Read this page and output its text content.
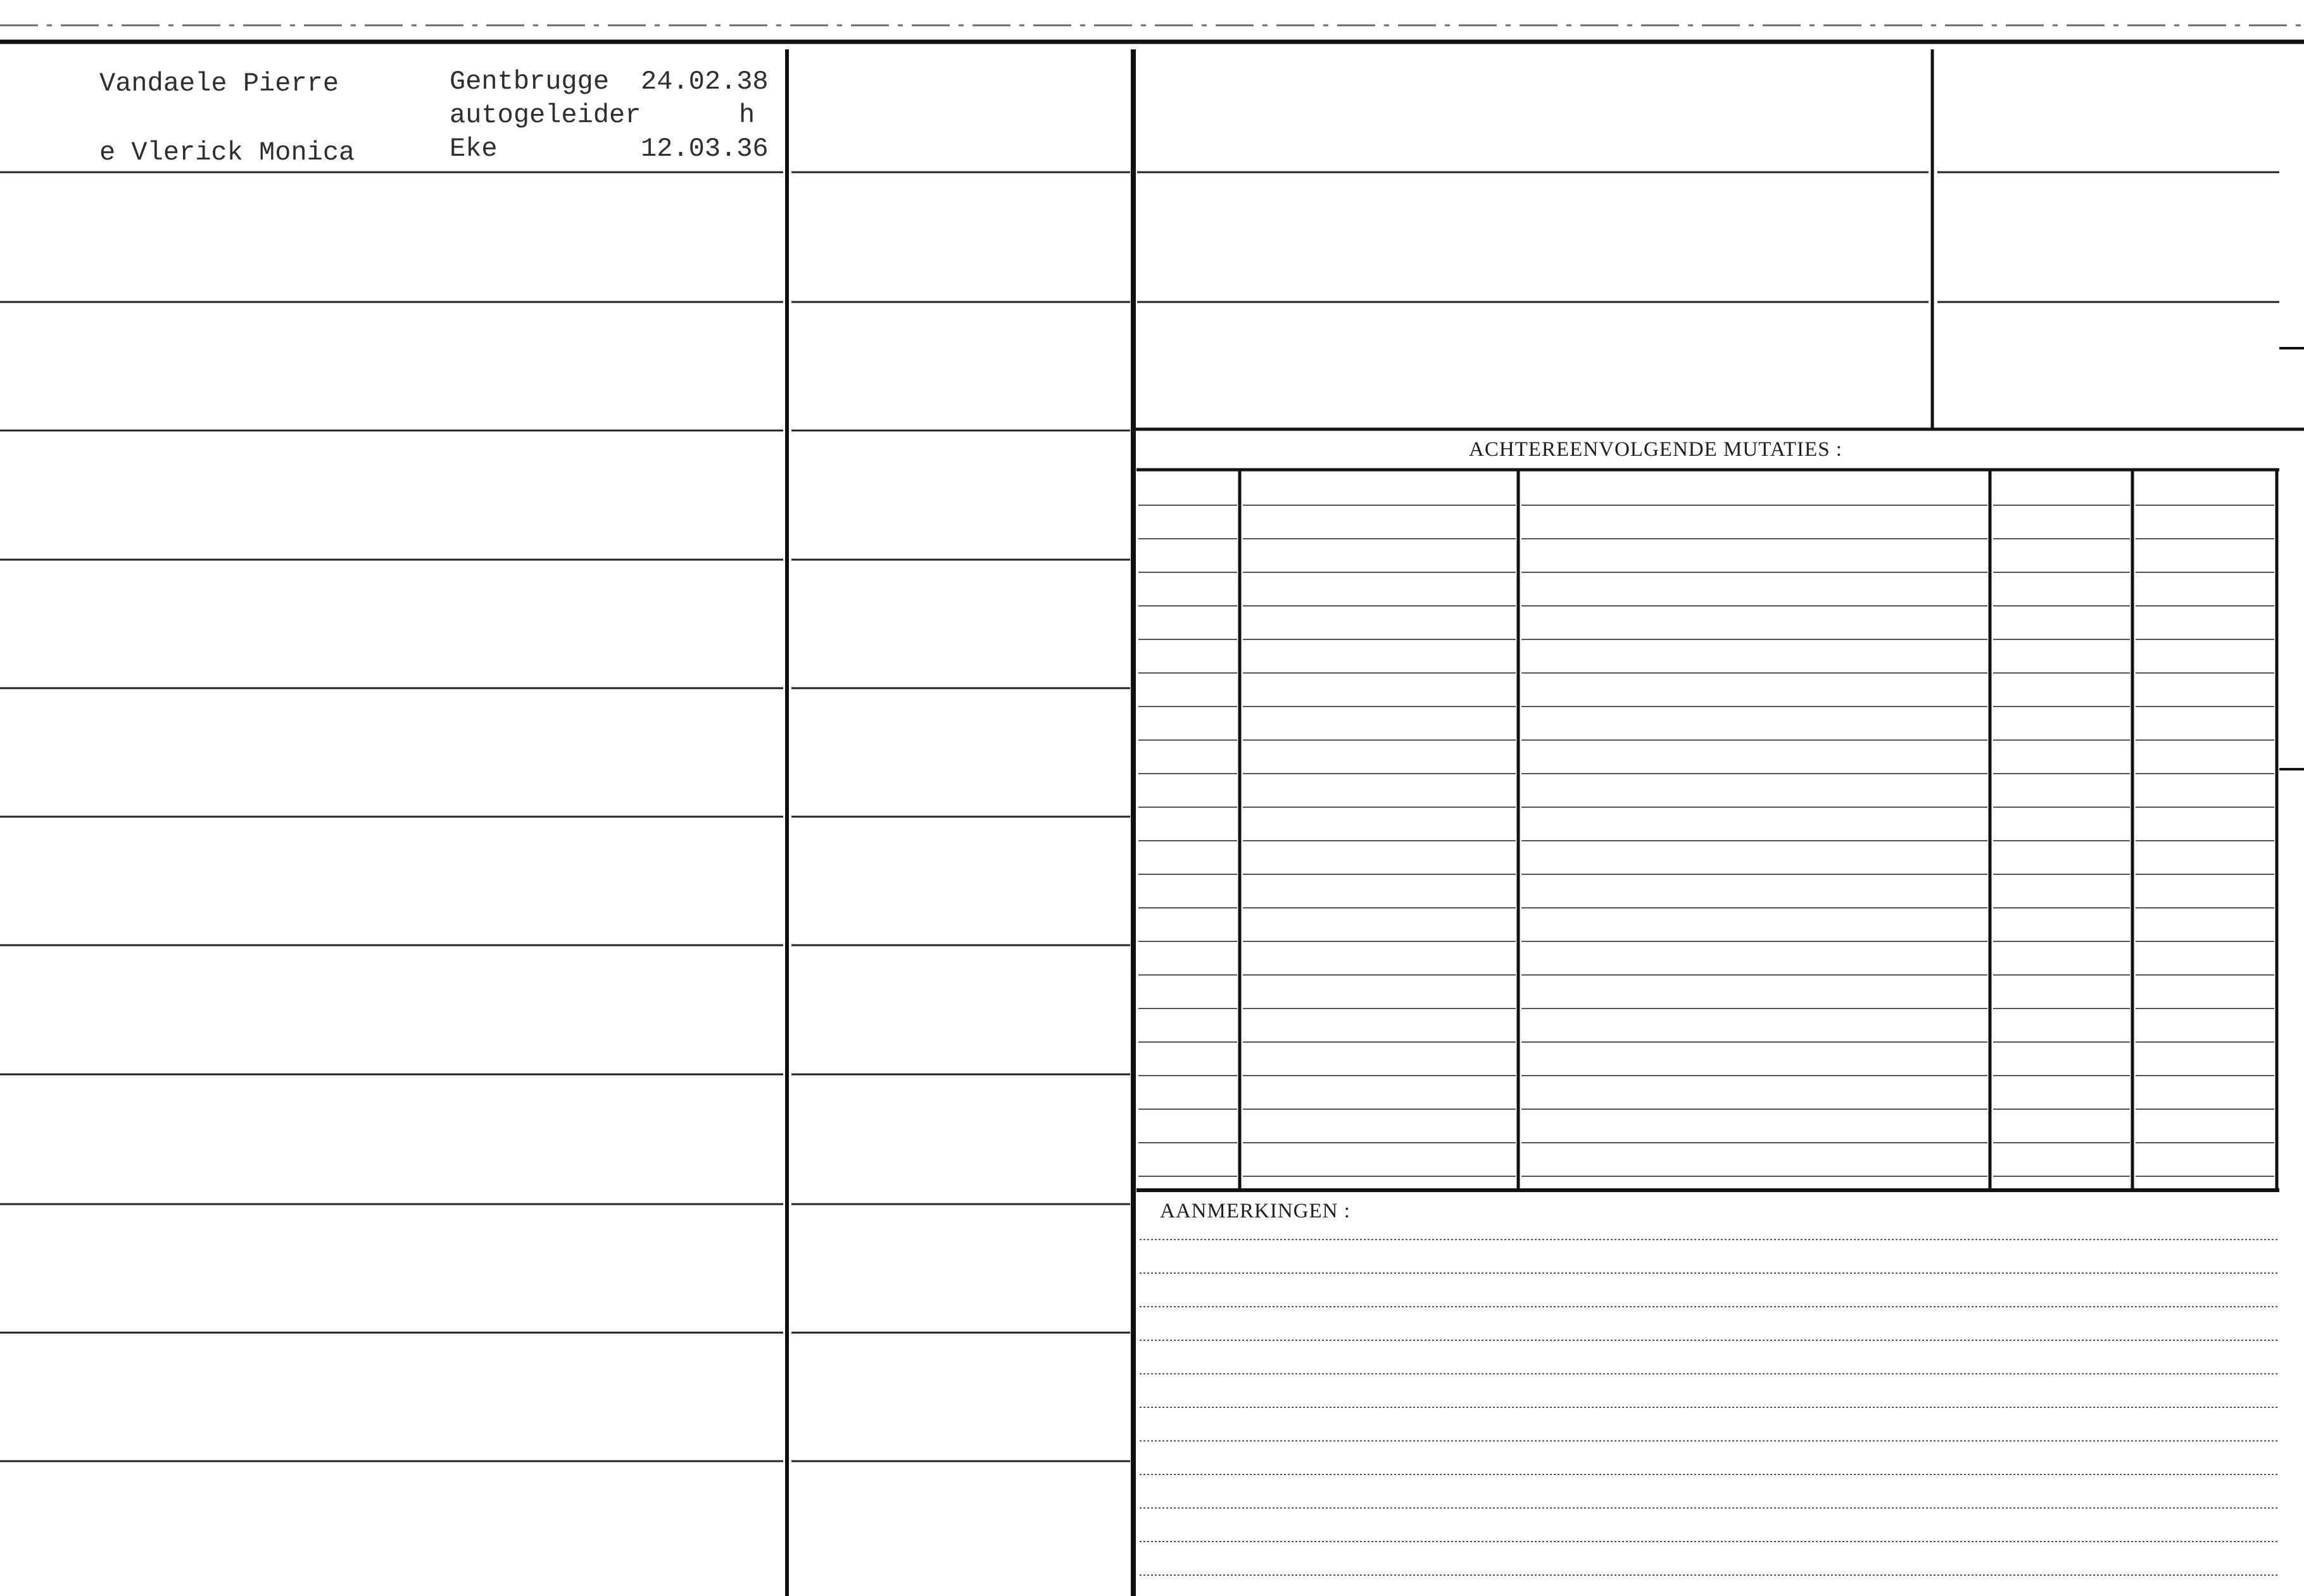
Vandaele Pierre
e Vlerick Monica
Gentbrugge 24.02.38
autogeleider	h
Eke	12.03.36
ACHTEREENVOLGENDE MUTATIES :
AANMERKINGEN :
